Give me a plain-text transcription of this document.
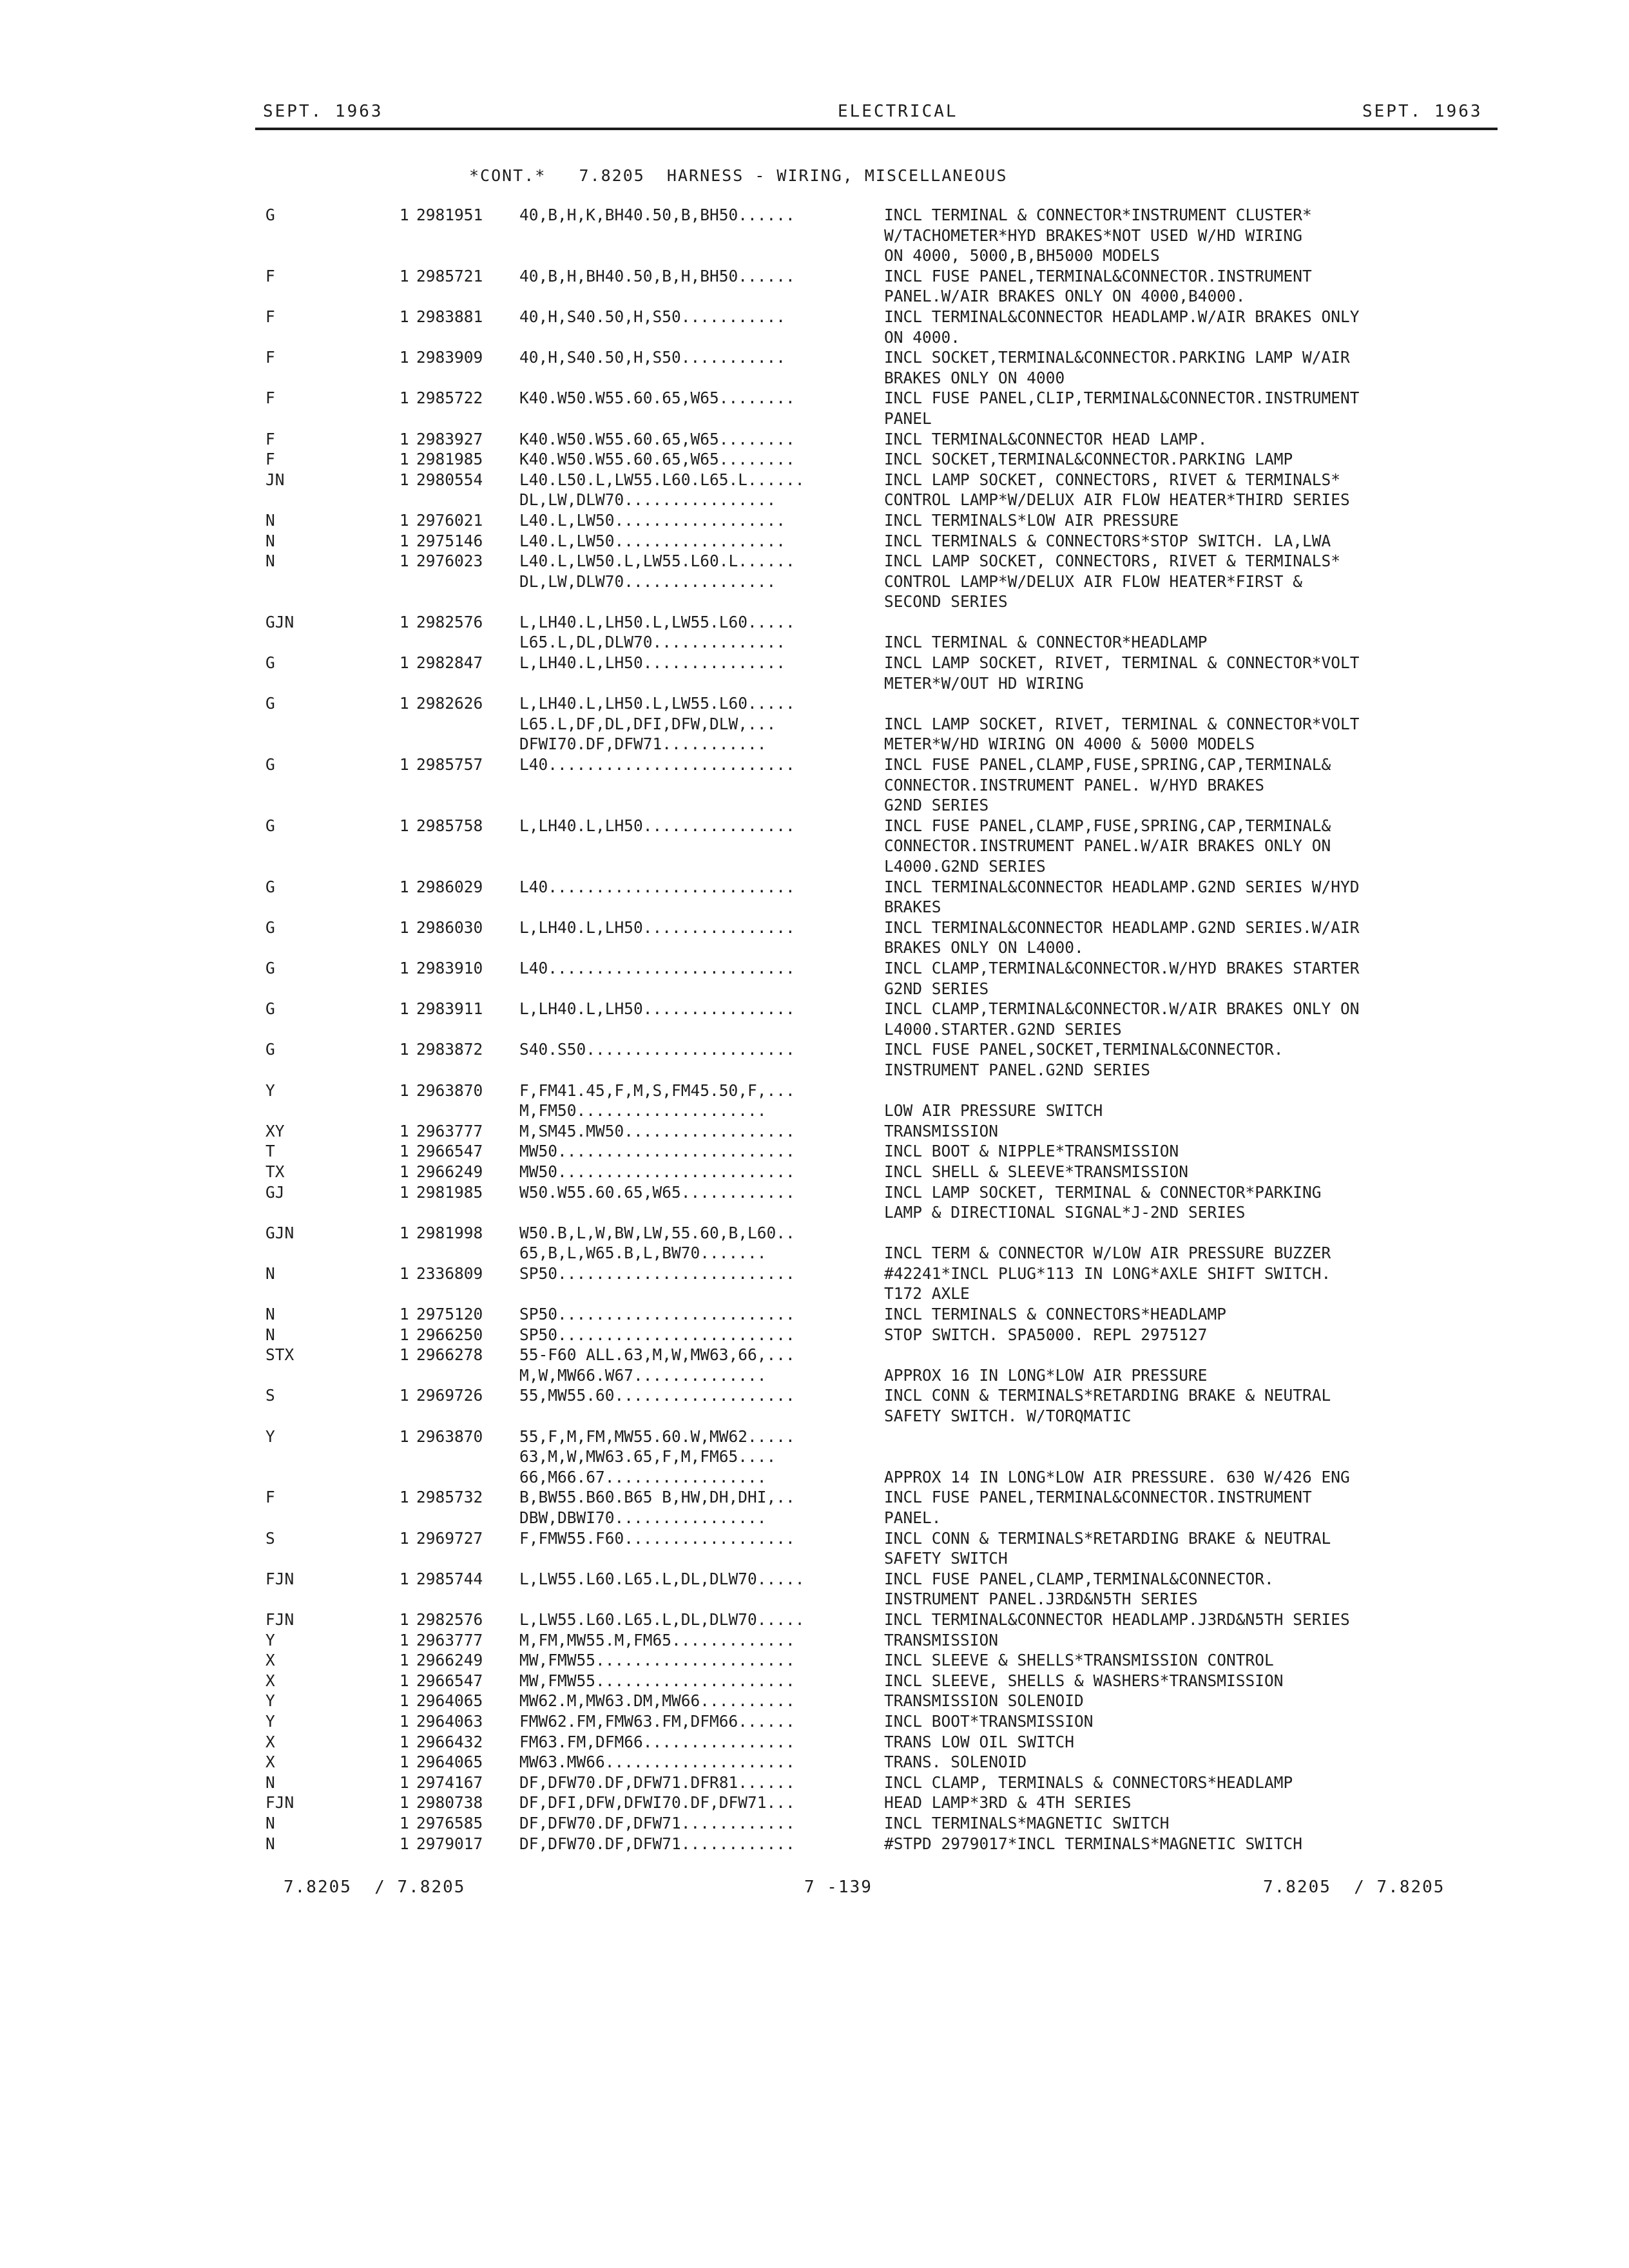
SEPT. 1963	ELECTRICAL	SEPT. 1963
*CONT.*   7.8205  HARNESS - WIRING, MISCELLANEOUS
G	1 2981951 40,B,H,K,BH40.50,B,BH50......	INCL TERMINAL & CONNECTOR*INSTRUMENT CLUSTER*
W/TACHOMETER*HYD BRAKES*NOT USED W/HD WIRING
ON 4000, 5000,B,BH5000 MODELS
F	1 2985721 40,B,H,BH40.50,B,H,BH50......	INCL FUSE PANEL,TERMINAL&CONNECTOR.INSTRUMENT
PANEL.W/AIR BRAKES ONLY ON 4000,B4000.
F	1 2983881 40,H,S40.50,H,S50...........	INCL TERMINAL&CONNECTOR HEADLAMP.W/AIR BRAKES ONLY
ON 4000.
F	1 2983909 40,H,S40.50,H,S50...........	INCL SOCKET,TERMINAL&CONNECTOR.PARKING LAMP W/AIR
BRAKES ONLY ON 4000
F	1 2985722 K40.W50.W55.60.65,W65........	INCL FUSE PANEL,CLIP,TERMINAL&CONNECTOR.INSTRUMENT
PANEL
F	1 2983927 K40.W50.W55.60.65,W65........	INCL TERMINAL&CONNECTOR HEAD LAMP.
F	1 2981985 K40.W50.W55.60.65,W65........	INCL SOCKET,TERMINAL&CONNECTOR.PARKING LAMP
JN	1 2980554 L40.L50.L,LW55.L60.L65.L......	INCL LAMP SOCKET, CONNECTORS, RIVET & TERMINALS*
DL,LW,DLW70................	CONTROL LAMP*W/DELUX AIR FLOW HEATER*THIRD SERIES
N	1 2976021 L40.L,LW50..................	INCL TERMINALS*LOW AIR PRESSURE
N	1 2975146 L40.L,LW50..................	INCL TERMINALS & CONNECTORS*STOP SWITCH. LA,LWA
N	1 2976023 L40.L,LW50.L,LW55.L60.L......	INCL LAMP SOCKET, CONNECTORS, RIVET & TERMINALS*
DL,LW,DLW70................	CONTROL LAMP*W/DELUX AIR FLOW HEATER*FIRST &
SECOND SERIES
GJN	1 2982576 L,LH40.L,LH50.L,LW55.L60.....
L65.L,DL,DLW70..............	INCL TERMINAL & CONNECTOR*HEADLAMP
G	1 2982847 L,LH40.L,LH50...............	INCL LAMP SOCKET, RIVET, TERMINAL & CONNECTOR*VOLT
METER*W/OUT HD WIRING
G	1 2982626 L,LH40.L,LH50.L,LW55.L60.....
L65.L,DF,DL,DFI,DFW,DLW,...	INCL LAMP SOCKET, RIVET, TERMINAL & CONNECTOR*VOLT
DFWI70.DF,DFW71...........	METER*W/HD WIRING ON 4000 & 5000 MODELS
G	1 2985757 L40..........................	INCL FUSE PANEL,CLAMP,FUSE,SPRING,CAP,TERMINAL&
CONNECTOR.INSTRUMENT PANEL. W/HYD BRAKES
G2ND SERIES
G	1 2985758 L,LH40.L,LH50................	INCL FUSE PANEL,CLAMP,FUSE,SPRING,CAP,TERMINAL&
CONNECTOR.INSTRUMENT PANEL.W/AIR BRAKES ONLY ON
L4000.G2ND SERIES
G	1 2986029 L40..........................	INCL TERMINAL&CONNECTOR HEADLAMP.G2ND SERIES W/HYD
BRAKES
G	1 2986030 L,LH40.L,LH50................	INCL TERMINAL&CONNECTOR HEADLAMP.G2ND SERIES.W/AIR
BRAKES ONLY ON L4000.
G	1 2983910 L40..........................	INCL CLAMP,TERMINAL&CONNECTOR.W/HYD BRAKES STARTER
G2ND SERIES
G	1 2983911 L,LH40.L,LH50................	INCL CLAMP,TERMINAL&CONNECTOR.W/AIR BRAKES ONLY ON
L4000.STARTER.G2ND SERIES
G	1 2983872 S40.S50......................	INCL FUSE PANEL,SOCKET,TERMINAL&CONNECTOR.
INSTRUMENT PANEL.G2ND SERIES
Y	1 2963870 F,FM41.45,F,M,S,FM45.50,F,...
M,FM50....................	LOW AIR PRESSURE SWITCH
XY	1 2963777 M,SM45.MW50..................	TRANSMISSION
T	1 2966547 MW50.........................	INCL BOOT & NIPPLE*TRANSMISSION
TX	1 2966249 MW50.........................	INCL SHELL & SLEEVE*TRANSMISSION
GJ	1 2981985 W50.W55.60.65,W65............	INCL LAMP SOCKET, TERMINAL & CONNECTOR*PARKING
LAMP & DIRECTIONAL SIGNAL*J-2ND SERIES
GJN	1 2981998 W50.B,L,W,BW,LW,55.60,B,L60..
65,B,L,W65.B,L,BW70.......	INCL TERM & CONNECTOR W/LOW AIR PRESSURE BUZZER
N	1 2336809 SP50.........................	#42241*INCL PLUG*113 IN LONG*AXLE SHIFT SWITCH.
T172 AXLE
N	1 2975120 SP50.........................	INCL TERMINALS & CONNECTORS*HEADLAMP
N	1 2966250 SP50.........................	STOP SWITCH. SPA5000. REPL 2975127
STX	1 2966278 55-F60 ALL.63,M,W,MW63,66,...
M,W,MW66.W67..............	APPROX 16 IN LONG*LOW AIR PRESSURE
S	1 2969726 55,MW55.60...................	INCL CONN & TERMINALS*RETARDING BRAKE & NEUTRAL
SAFETY SWITCH. W/TORQMATIC
Y	1 2963870 55,F,M,FM,MW55.60.W,MW62.....
63,M,W,MW63.65,F,M,FM65....
66,M66.67.................	APPROX 14 IN LONG*LOW AIR PRESSURE. 630 W/426 ENG
F	1 2985732 B,BW55.B60.B65 B,HW,DH,DHI,..	INCL FUSE PANEL,TERMINAL&CONNECTOR.INSTRUMENT
DBW,DBWI70................	PANEL.
S	1 2969727 F,FMW55.F60..................	INCL CONN & TERMINALS*RETARDING BRAKE & NEUTRAL
SAFETY SWITCH
FJN	1 2985744 L,LW55.L60.L65.L,DL,DLW70.....	INCL FUSE PANEL,CLAMP,TERMINAL&CONNECTOR.
INSTRUMENT PANEL.J3RD&N5TH SERIES
FJN	1 2982576 L,LW55.L60.L65.L,DL,DLW70.....	INCL TERMINAL&CONNECTOR HEADLAMP.J3RD&N5TH SERIES
Y	1 2963777 M,FM,MW55.M,FM65.............	TRANSMISSION
X	1 2966249 MW,FMW55.....................	INCL SLEEVE & SHELLS*TRANSMISSION CONTROL
X	1 2966547 MW,FMW55.....................	INCL SLEEVE, SHELLS & WASHERS*TRANSMISSION
Y	1 2964065 MW62.M,MW63.DM,MW66..........	TRANSMISSION SOLENOID
Y	1 2964063 FMW62.FM,FMW63.FM,DFM66......	INCL BOOT*TRANSMISSION
X	1 2966432 FM63.FM,DFM66................	TRANS LOW OIL SWITCH
X	1 2964065 MW63.MW66....................	TRANS. SOLENOID
N	1 2974167 DF,DFW70.DF,DFW71.DFR81......	INCL CLAMP, TERMINALS & CONNECTORS*HEADLAMP
FJN	1 2980738 DF,DFI,DFW,DFWI70.DF,DFW71...	HEAD LAMP*3RD & 4TH SERIES
N	1 2976585 DF,DFW70.DF,DFW71............	INCL TERMINALS*MAGNETIC SWITCH
N	1 2979017 DF,DFW70.DF,DFW71............	#STPD 2979017*INCL TERMINALS*MAGNETIC SWITCH
7.8205  / 7.8205	7 -139	7.8205  / 7.8205
